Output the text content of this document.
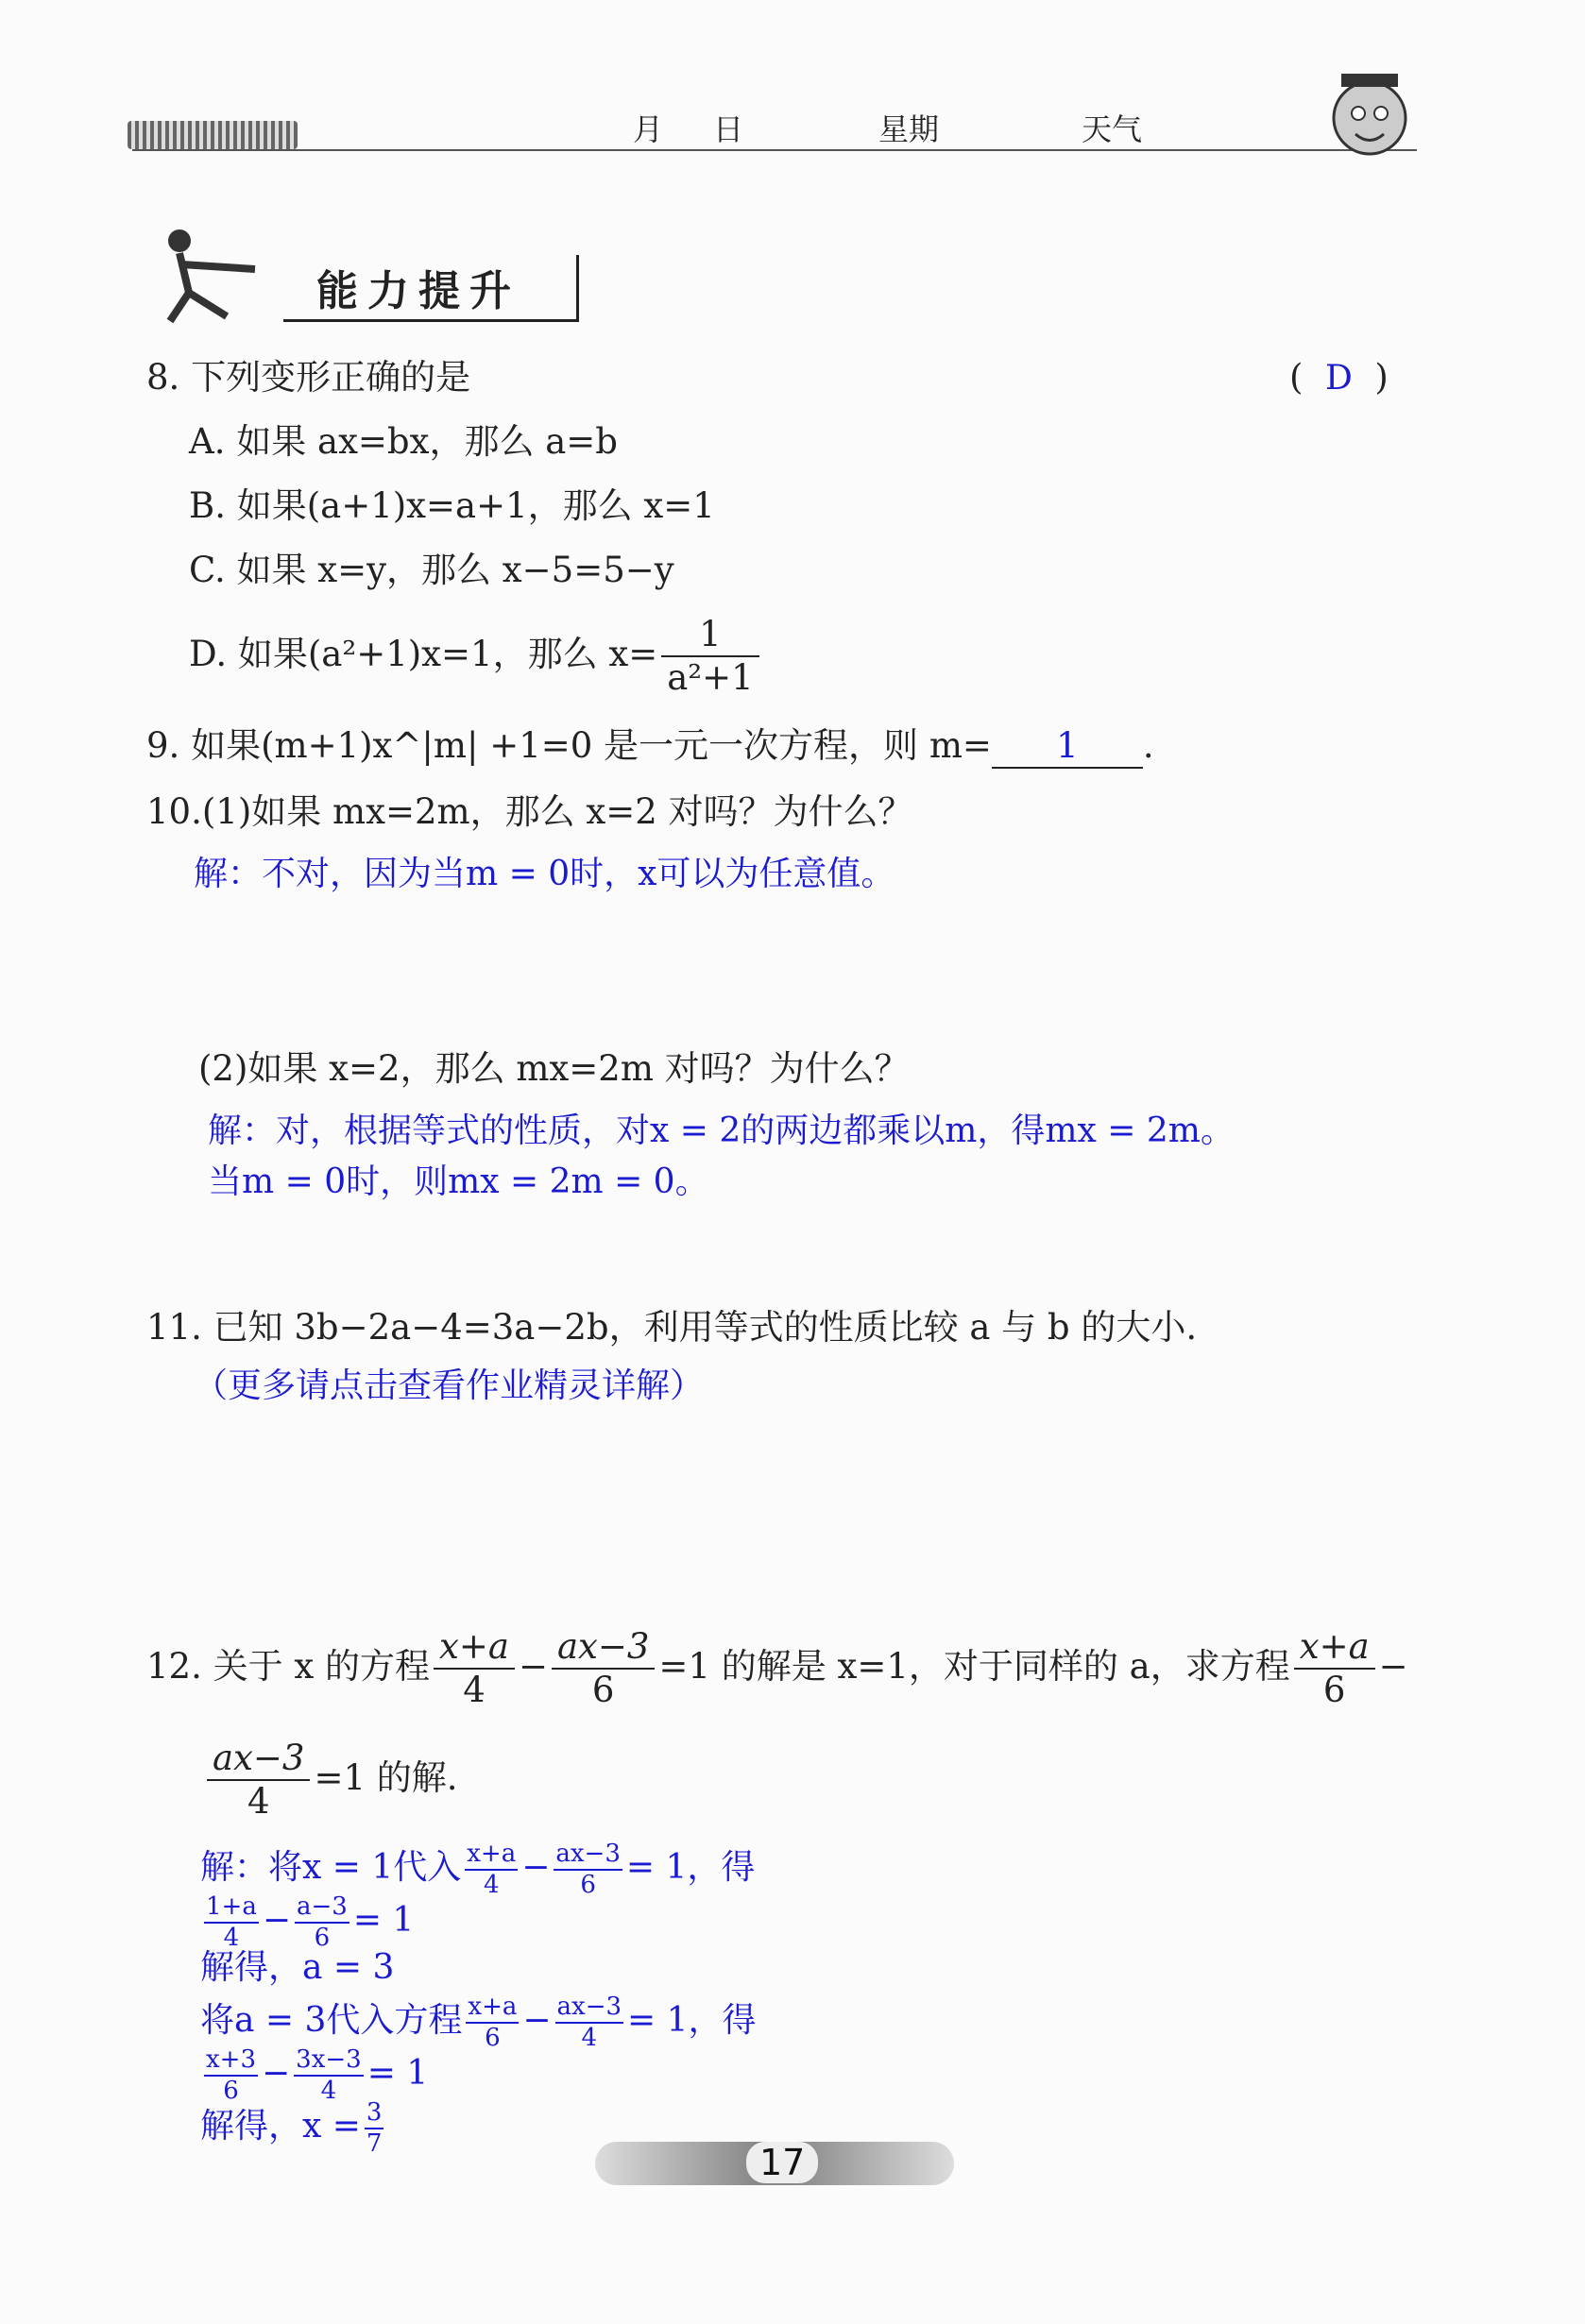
月 日	星期	天气
能力提升
8. 下列变形正确的是	(  D  )
A. 如果 ax=bx，那么 a=b
B. 如果(a+1)x=a+1，那么 x=1
C. 如果 x=y，那么 x−5=5−y
D. 如果(a²+1)x=1，那么 $x= \frac{1}{\text{a²+1}}$
9. 如果(m+1)x^|m| +1=0 是一元一次方程，则 m= 1 .
10.(1)如果 mx=2m，那么 x=2 对吗？为什么？
解：不对，因为当m = 0时，x可以为任意值。
(2)如果 x=2，那么 mx=2m 对吗？为什么？
解：对，根据等式的性质，对x = 2的两边都乘以m，得mx = 2m。
当m = 0时，则mx = 2m = 0。
11. 已知 3b−2a−4=3a−2b，利用等式的性质比较 a 与 b 的大小.
（更多请点击查看作业精灵详解）
12. 关于 x 的方程 $\frac{x+a}{4} - \frac{ax-3}{6} =1$ 的解是 x=1，对于同样的 a，求方程 $\frac{x+a}{6}$ −
$\frac{ax-3}{4} =1$ 的解.
解：将x = 1代入 $\frac{x+a}{4} - \frac{ax-3}{6} = 1$，得
$\frac{1+a}{4} - \frac{a-3}{6} = 1$
解得，a = 3
将a = 3代入方程 $\frac{x+a}{6} - \frac{ax-3}{4} = 1$，得
$\frac{x+3}{6} - \frac{3x-3}{4} = 1$
解得，$x = \frac{3}{7}$
17
